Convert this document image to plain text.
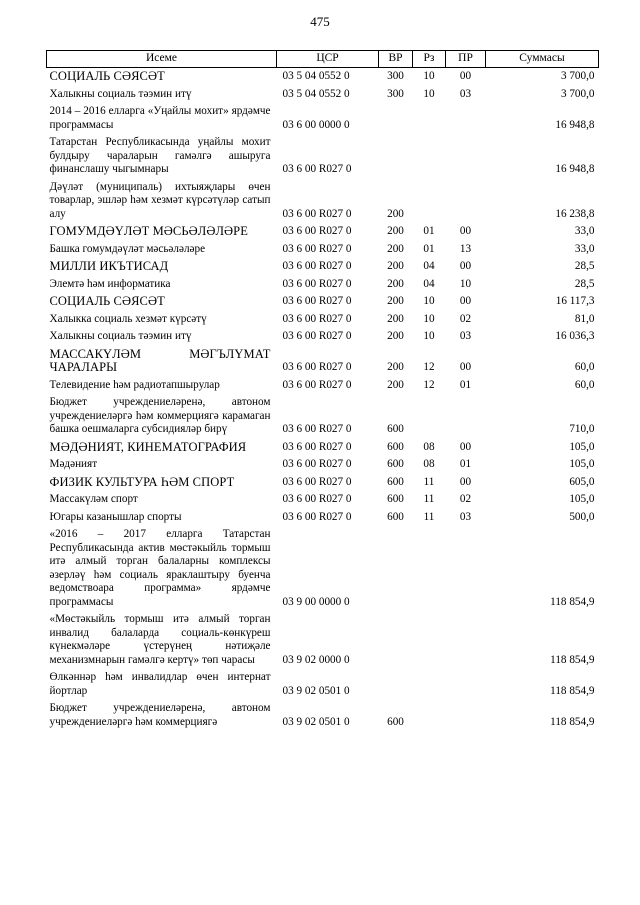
475
Исеме	ЦСР	ВР	Рз	ПР	Суммасы
СОЦИАЛЬ СӘЯСӘТ	03 5 04 0552 0	300	10	00	3 700,0
Халыкны социаль тәэмин итү	03 5 04 0552 0	300	10	03	3 700,0
2014 – 2016 елларга «Уңайлы мохит» ярдәмче программасы	03 6 00 0000 0				16 948,8
Татарстан Республикасында уңайлы мохит булдыру чараларын гамәлгә ашыруга финанслашу чыгымнары	03 6 00 R027 0				16 948,8
Дәүләт (муниципаль) ихтыяҗлары өчен товарлар, эшләр һәм хезмәт күрсәтүләр сатып алу	03 6 00 R027 0	200			16 238,8
ГОМУМДӘҮЛӘТ МӘСЬӘЛӘЛӘРЕ	03 6 00 R027 0	200	01	00	33,0
Башка гомумдәүләт мәсьәләләре	03 6 00 R027 0	200	01	13	33,0
МИЛЛИ ИКЪТИСАД	03 6 00 R027 0	200	04	00	28,5
Элемтә һәм информатика	03 6 00 R027 0	200	04	10	28,5
СОЦИАЛЬ СӘЯСӘТ	03 6 00 R027 0	200	10	00	16 117,3
Халыкка социаль хезмәт күрсәтү	03 6 00 R027 0	200	10	02	81,0
Халыкны социаль тәэмин итү	03 6 00 R027 0	200	10	03	16 036,3
МАССАКҮЛӘМ МӘГЪЛҮМАТ ЧАРАЛАРЫ	03 6 00 R027 0	200	12	00	60,0
Телевидение һәм радиотапшырулар	03 6 00 R027 0	200	12	01	60,0
Бюджет учреждениеләренә, автоном учреждениеләргә һәм коммерциягә карамаган башка оешмаларга субсидияләр бирү	03 6 00 R027 0	600			710,0
МӘДӘНИЯТ, КИНЕМАТОГРАФИЯ	03 6 00 R027 0	600	08	00	105,0
Мәдәният	03 6 00 R027 0	600	08	01	105,0
ФИЗИК КУЛЬТУРА ҺӘМ СПОРТ	03 6 00 R027 0	600	11	00	605,0
Массакүләм спорт	03 6 00 R027 0	600	11	02	105,0
Югары казанышлар спорты	03 6 00 R027 0	600	11	03	500,0
«2016 – 2017 елларга Татарстан Республикасында актив мөстәкыйль тормыш итә алмый торган балаларны комплексы әзерләү һәм социаль яраклаштыру буенча ведомствоара программа» ярдәмче программасы	03 9 00 0000 0				118 854,9
«Мөстәкыйль тормыш итә алмый торган инвалид балаларда социаль-көнкүреш күнекмәләре үстерүнең нәтиҗәле механизмнарын гамәлгә кертү» төп чарасы	03 9 02 0000 0				118 854,9
Өлкәннәр һәм инвалидлар өчен интернат йортлар	03 9 02 0501 0				118 854,9
Бюджет учреждениеләренә, автоном учреждениеләргә һәм коммерциягә	03 9 02 0501 0	600			118 854,9
